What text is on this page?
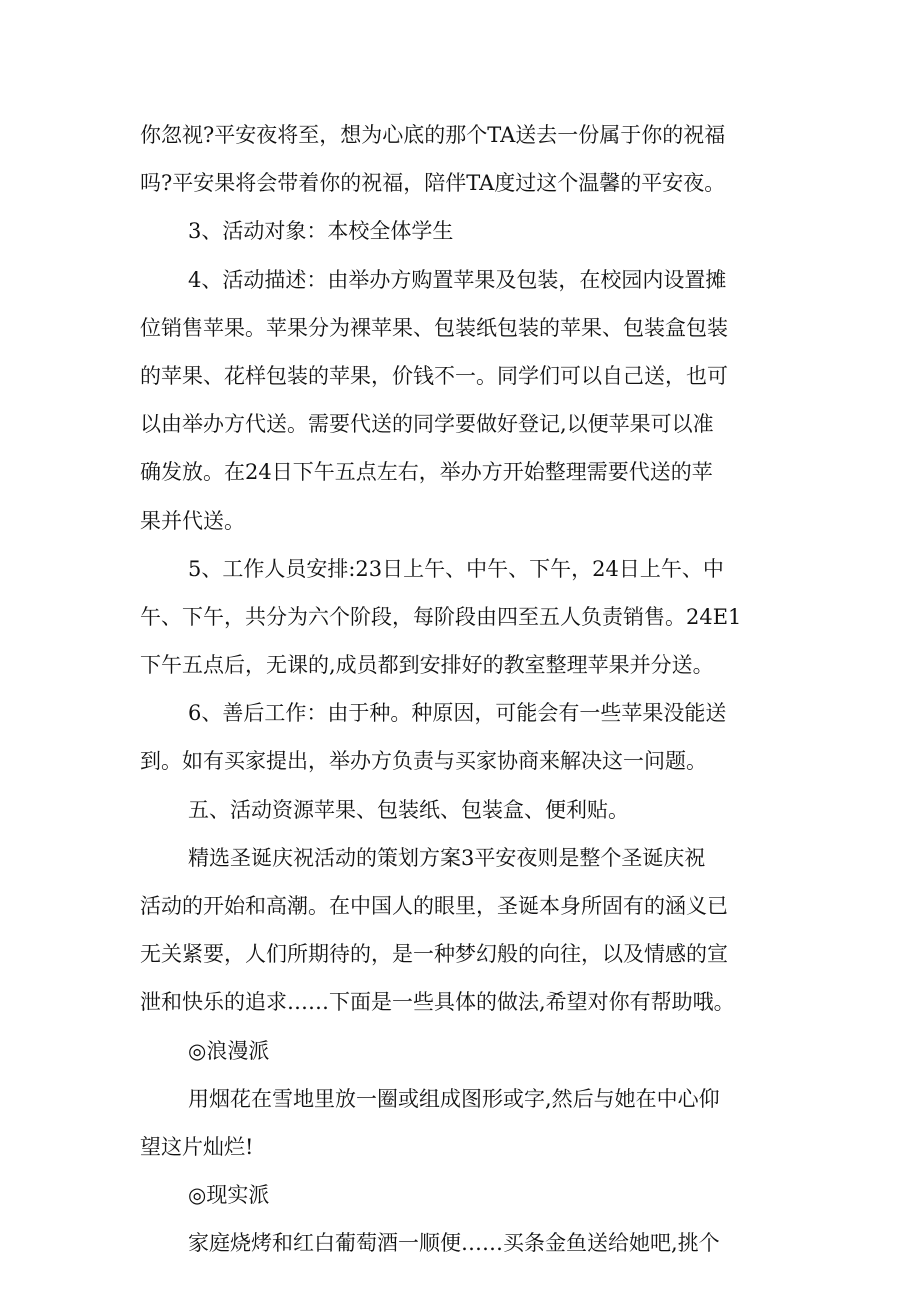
你忽视?平安夜将至，想为心底的那个TA送去一份属于你的祝福
吗?平安果将会带着你的祝福，陪伴TA度过这个温馨的平安夜。
3、活动对象：本校全体学生
4、活动描述：由举办方购置苹果及包装，在校园内设置摊
位销售苹果。苹果分为裸苹果、包装纸包装的苹果、包装盒包装
的苹果、花样包装的苹果，价钱不一。同学们可以自己送，也可
以由举办方代送。需要代送的同学要做好登记,以便苹果可以准
确发放。在24日下午五点左右，举办方开始整理需要代送的苹
果并代送。
5、工作人员安排:23日上午、中午、下午，24日上午、中
午、下午，共分为六个阶段，每阶段由四至五人负责销售。24E1
下午五点后，无课的,成员都到安排好的教室整理苹果并分送。
6、善后工作：由于种。种原因，可能会有一些苹果没能送
到。如有买家提出，举办方负责与买家协商来解决这一问题。
五、活动资源苹果、包装纸、包装盒、便利贴。
精选圣诞庆祝活动的策划方案3平安夜则是整个圣诞庆祝
活动的开始和高潮。在中国人的眼里，圣诞本身所固有的涵义已
无关紧要，人们所期待的，是一种梦幻般的向往，以及情感的宣
泄和快乐的追求……下面是一些具体的做法,希望对你有帮助哦。
◎浪漫派
用烟花在雪地里放一圈或组成图形或字,然后与她在中心仰
望这片灿烂!
◎现实派
家庭烧烤和红白葡萄酒一顺便……买条金鱼送给她吧,挑个
